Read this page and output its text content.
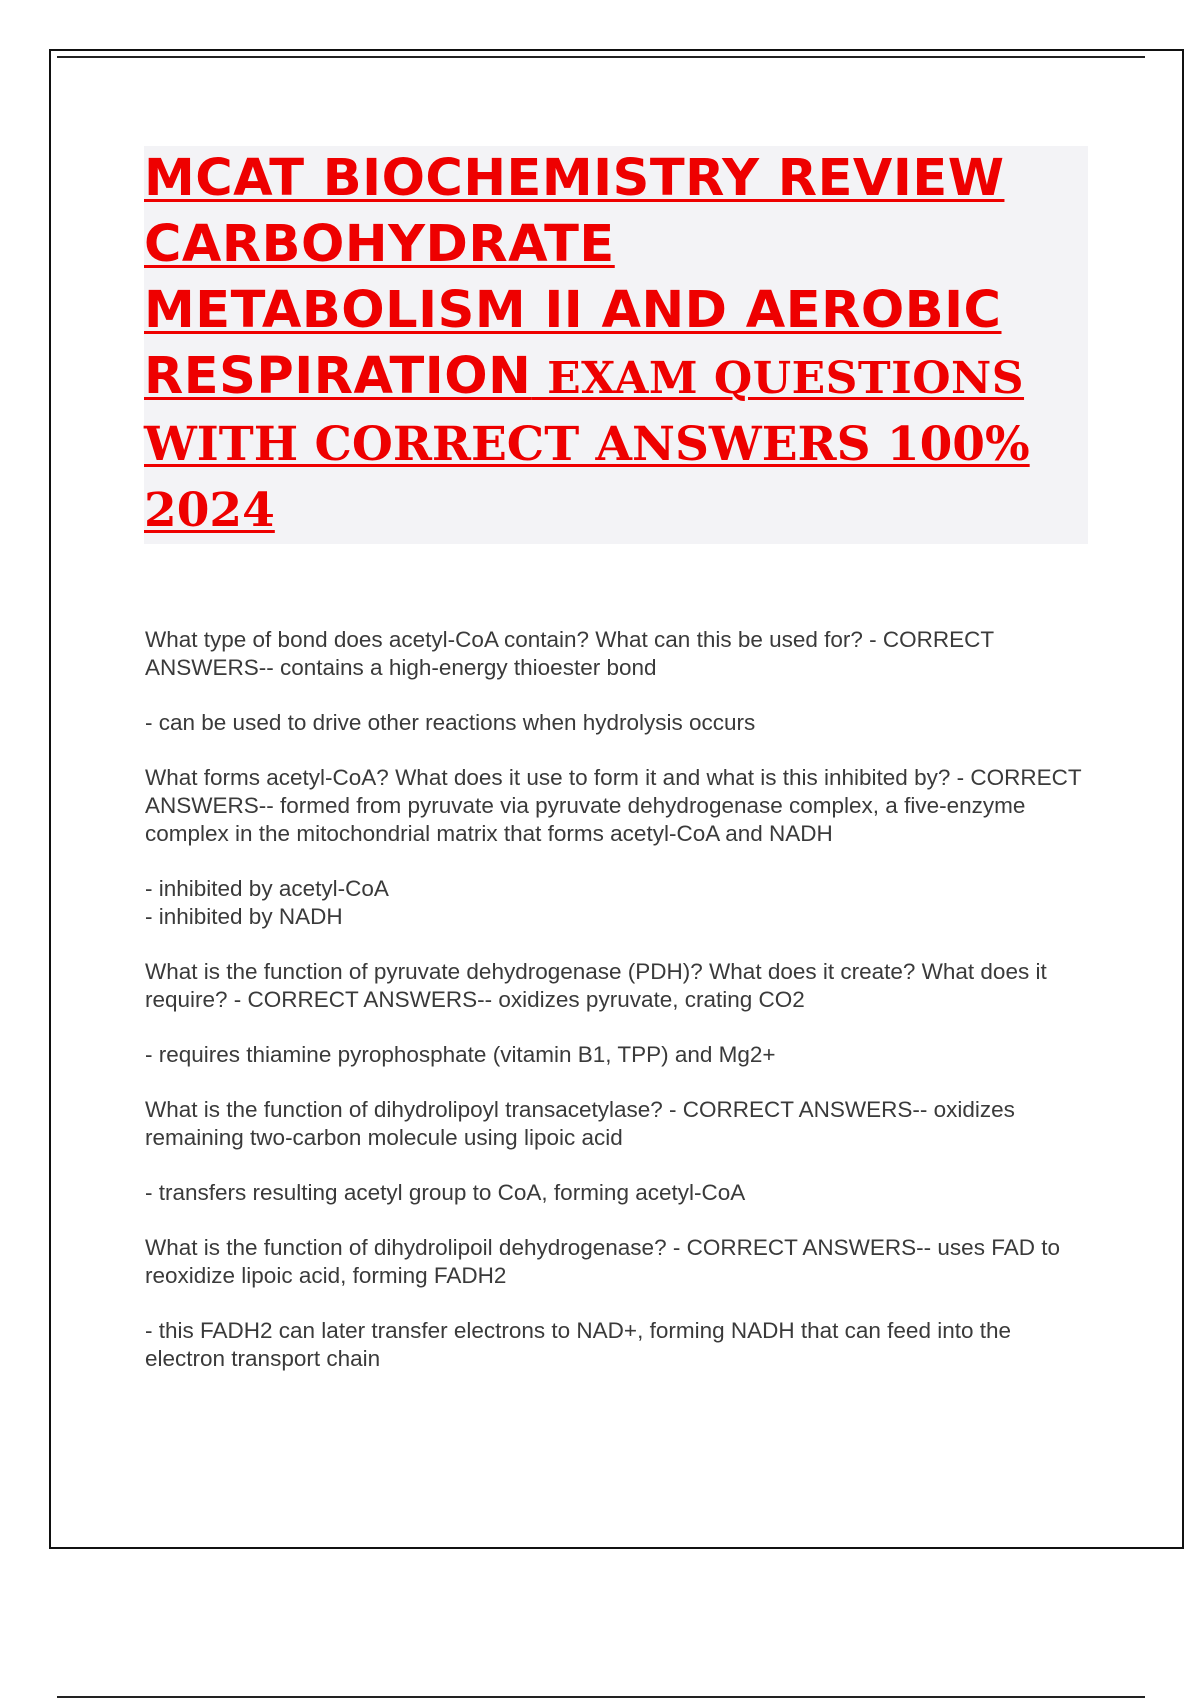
MCAT BIOCHEMISTRY REVIEW
CARBOHYDRATE
METABOLISM II AND AEROBIC
RESPIRATION EXAM QUESTIONS
WITH CORRECT ANSWERS 100%
2024

What type of bond does acetyl-CoA contain? What can this be used for? - CORRECT ANSWERS-- contains a high-energy thioester bond

- can be used to drive other reactions when hydrolysis occurs

What forms acetyl-CoA? What does it use to form it and what is this inhibited by? - CORRECT ANSWERS-- formed from pyruvate via pyruvate dehydrogenase complex, a five-enzyme complex in the mitochondrial matrix that forms acetyl-CoA and NADH

- inhibited by acetyl-CoA

- inhibited by NADH

What is the function of pyruvate dehydrogenase (PDH)? What does it create? What does it require? - CORRECT ANSWERS-- oxidizes pyruvate, crating CO2

- requires thiamine pyrophosphate (vitamin B1, TPP) and Mg2+

What is the function of dihydrolipoyl transacetylase? - CORRECT ANSWERS-- oxidizes remaining two-carbon molecule using lipoic acid

- transfers resulting acetyl group to CoA, forming acetyl-CoA

What is the function of dihydrolipoil dehydrogenase? - CORRECT ANSWERS-- uses FAD to reoxidize lipoic acid, forming FADH2

- this FADH2 can later transfer electrons to NAD+, forming NADH that can feed into the electron transport chain
